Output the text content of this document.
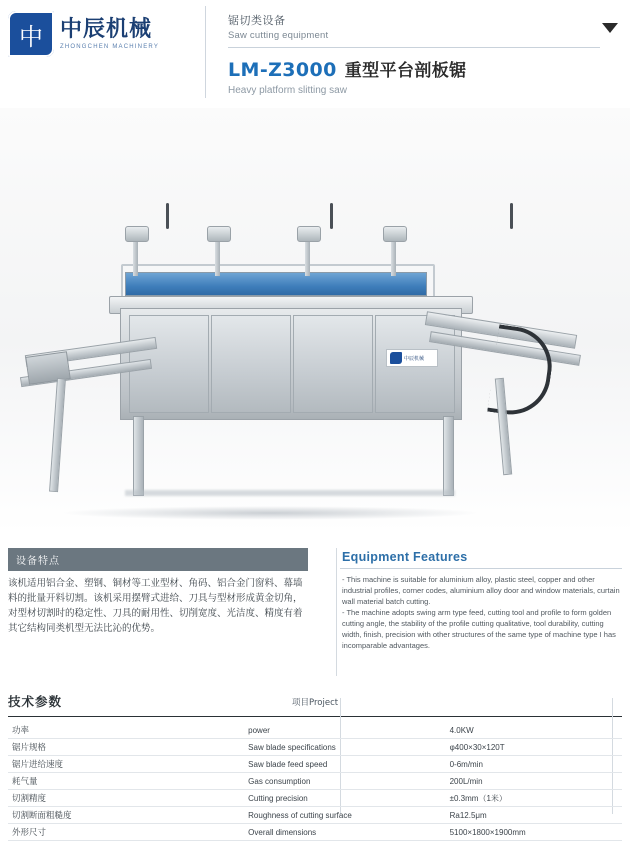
中 中辰机械
ZHONGCHEN MACHINERY
锯切类设备
Saw cutting equipment
LM-Z3000 重型平台剖板锯
Heavy platform slitting saw
中辰机械
设备特点
该机适用铝合金、塑钢、铜材等工业型材、角码、铝合金门窗料、幕墙料的批量开料切割。该机采用摆臂式进给、刀具与型材形成黄金切角，对型材切割时的稳定性、刀具的耐用性、切削宽度、光洁度、精度有着其它结构同类机型无法比沁的优势。
Equipment Features
- This machine is suitable for aluminium alloy, plastic steel, copper and other industrial profiles, corner codes, aluminium alloy door and window materials, curtain wall material batch cutting.
- The machine adopts swing arm type feed, cutting tool and profile to form golden cutting angle, the stability of the profile cutting qualitative, tool durability, cutting width, finish, precision with other structures of the same type of machine type I has incomparable advantages.
技术参数	项目Project
功率	power	4.0KW
锯片规格	Saw blade specifications	φ400×30×120T
锯片进给速度	Saw blade feed speed	0-6m/min
耗气量	Gas consumption	200L/min
切割精度	Cutting precision	±0.3mm（1米）
切割断面粗糙度	Roughness of cutting surface	Ra12.5μm
外形尺寸	Overall dimensions	5100×1800×1900mm
